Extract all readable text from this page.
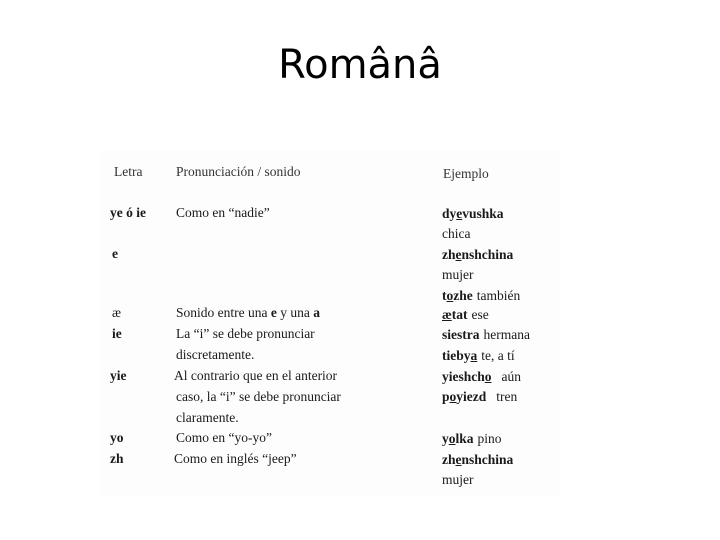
Românâ
Letra Pronunciación / sonido	Ejemplo
ye ó ie
e
æ
ie
yie
yo
zh
Como en “nadie”
Sonido entre una e y una a
La “i” se debe pronunciar
discretamente.
Al contrario que en el anterior
caso, la “i” se debe pronunciar
claramente.
Como en “yo-yo”
Como en inglés “jeep”
dyevushka
chica
zhenshchina
mujer
tozhe también
ætat ese
siestra hermana
tiebya te, a tí
yieshcho aún
poyiezd tren
yolka pino
zhenshchina
mujer
